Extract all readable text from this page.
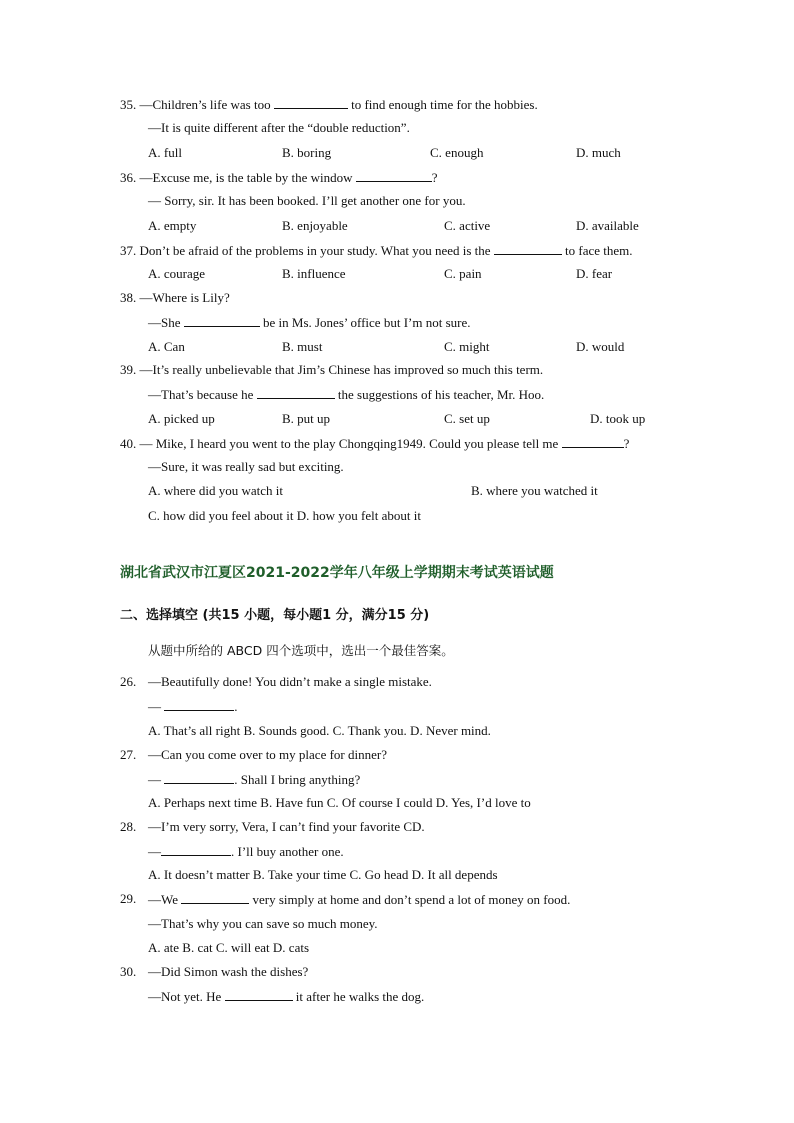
35. —Children’s life was too	to find enough time for the hobbies.
—It is quite different after the “double reduction”.
A. full	B. boring	C. enough	D. much
36. —Excuse me, is the table by the window	?
— Sorry, sir. It has been booked. I’ll get another one for you.
A. empty	B. enjoyable	C. active	D. available
37. Don’t be afraid of the problems in your study. What you need is the	to face them.
A. courage	B. influence	C. pain	D. fear
38. —Where is Lily?
—She	be in Ms. Jones’ office but I’m not sure.
A. Can	B. must	C. might	D. would
39. —It’s really unbelievable that Jim’s Chinese has improved so much this term.
—That’s because he	the suggestions of his teacher, Mr. Hoo.
A. picked up	B. put up	C. set up	D. took up
40. — Mike, I heard you went to the play Chongqing1949. Could you please tell me	?
—Sure, it was really sad but exciting.
A. where did you watch it	B. where you watched it
C. how did you feel about it D. how you felt about it
湖北省武汉市江夏区2021-2022学年八年级上学期期末考试英语试题
二、选择填空 (共15 小题，每小题1 分，满分15 分)
从题中所给的 ABCD 四个选项中，选出一个最佳答案。
26. —Beautifully done! You didn’t make a single mistake.
—	.
A. That’s all right B. Sounds good. C. Thank you. D. Never mind.
27. —Can you come over to my place for dinner?
—	. Shall I bring anything?
A. Perhaps next time B. Have fun C. Of course I could D. Yes, I’d love to
28. —I’m very sorry, Vera, I can’t find your favorite CD.
—	. I’ll buy another one.
A. It doesn’t matter B. Take your time C. Go head D. It all depends
29. —We	very simply at home and don’t spend a lot of money on food.
—That’s why you can save so much money.
A. ate B. cat C. will eat D. cats
30. —Did Simon wash the dishes?
—Not yet. He	it after he walks the dog.
